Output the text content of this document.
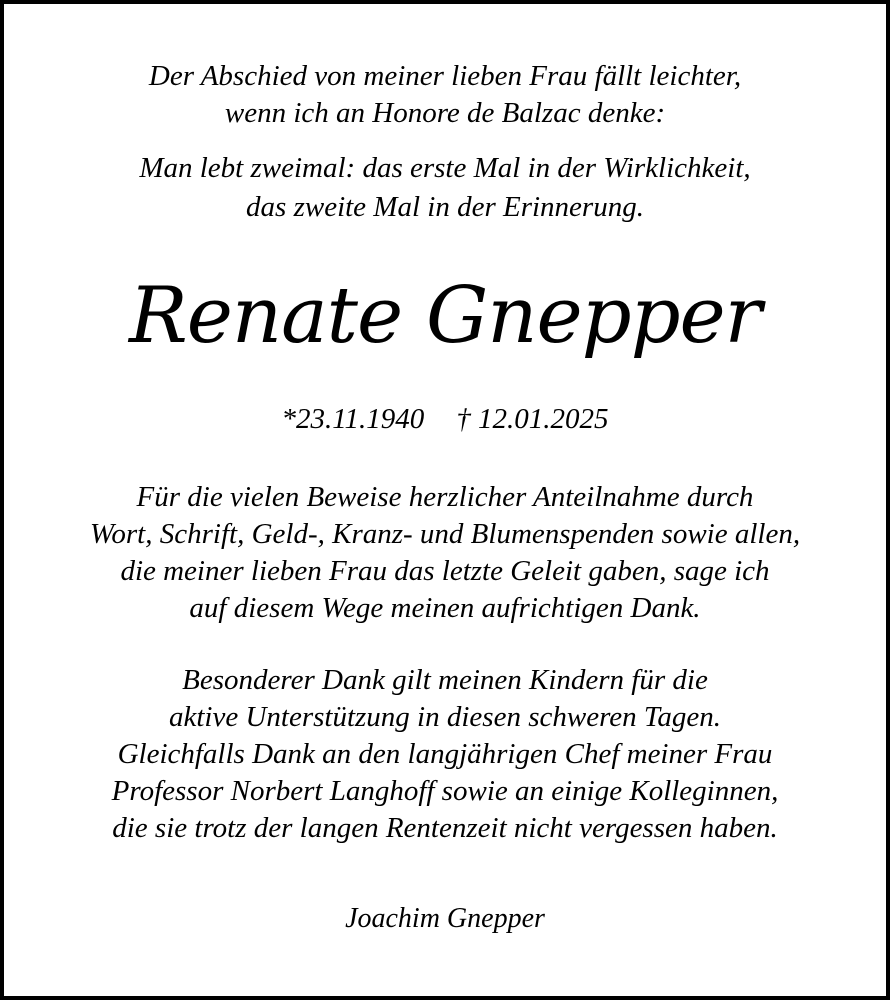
Der Abschied von meiner lieben Frau fällt leichter,
wenn ich an Honore de Balzac denke:
Man lebt zweimal: das erste Mal in der Wirklichkeit,
das zweite Mal in der Erinnerung.
Renate Gnepper
*23.11.1940 † 12.01.2025
Für die vielen Beweise herzlicher Anteilnahme durch
Wort, Schrift, Geld-, Kranz- und Blumenspenden sowie allen,
die meiner lieben Frau das letzte Geleit gaben, sage ich
auf diesem Wege meinen aufrichtigen Dank.
Besonderer Dank gilt meinen Kindern für die
aktive Unterstützung in diesen schweren Tagen.
Gleichfalls Dank an den langjährigen Chef meiner Frau
Professor Norbert Langhoff sowie an einige Kolleginnen,
die sie trotz der langen Rentenzeit nicht vergessen haben.
Joachim Gnepper
